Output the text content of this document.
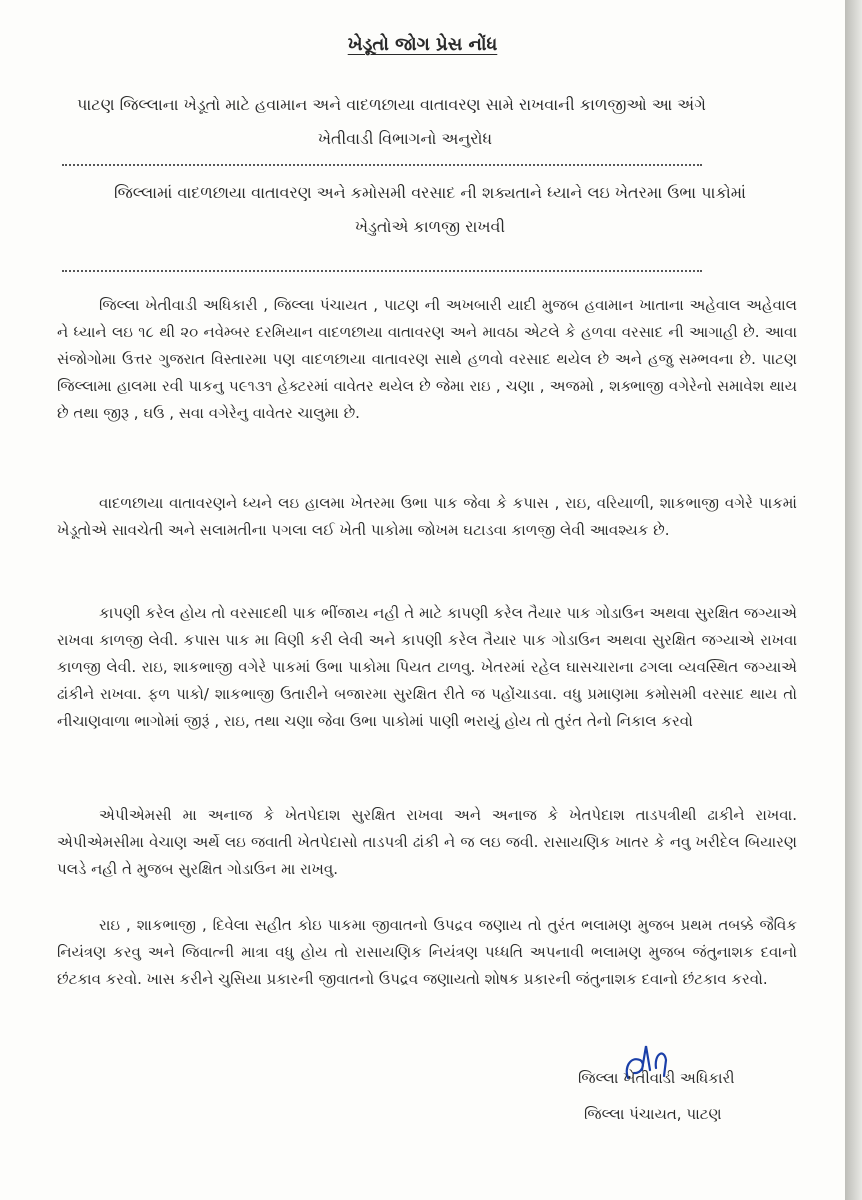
ખેડૂતો જોગ પ્રેસ નોંધ
પાટણ જિલ્લાના ખેડૂતો માટે હવામાન અને વાદળછાયા વાતાવરણ સામે રાખવાની કાળજીઓ આ અંગે
ખેતીવાડી વિભાગનો અનુરોધ
જિલ્લામાં વાદળછાયા વાતાવરણ અને કમોસમી વરસાદ ની શક્યતાને ધ્યાને લઇ ખેતરમા ઉભા પાકોમાં
ખેડુતોએ કાળજી રાખવી
જિલ્લા ખેતીવાડી અધિકારી , જિલ્લા પંચાયત , પાટણ ની અખબારી યાદી મુજબ હવામાન ખાતાના અહેવાલ અહેવાલ ને ધ્યાને લઇ ૧૮ થી ૨૦ નવેમ્બર દરમિયાન વાદળછાયા વાતાવરણ અને માવઠા એટલે કે હળવા વરસાદ ની આગાહી છે. આવા સંજોગોમા ઉત્તર ગુજરાત વિસ્તારમા પણ વાદળછાયા વાતાવરણ સાથે હળવો વરસાદ થયેલ છે અને હજુ સમ્ભવના છે. પાટણ જિલ્લામા હાલમા રવી પાકનુ ૫૯૧૩૧ હેક્ટરમાં વાવેતર થયેલ છે જેમા રાઇ , ચણા , અજમો , શક્ભાજી વગેરેનો સમાવેશ થાય છે તથા જીરૂ , ઘઉ , સવા વગેરેનુ વાવેતર ચાલુમા છે.
વાદળછાયા વાતાવરણને ધ્યને લઇ હાલમા ખેતરમા ઉભા પાક જેવા કે કપાસ , રાઇ, વરિયાળી, શાકભાજી વગેરે પાકમાં ખેડૂતોએ સાવચેતી અને સલામતીના પગલા લઈ ખેતી પાકોમા જોખમ ઘટાડવા કાળજી લેવી આવશ્યક છે.
કાપણી કરેલ હોય તો વરસાદથી પાક ભીંજાય નહી તે માટે કાપણી કરેલ તૈયાર પાક ગોડાઉન અથવા સુરક્ષિત જગ્યાએ રાખવા કાળજી લેવી. કપાસ પાક મા વિણી કરી લેવી અને કાપણી કરેલ તૈયાર પાક ગોડાઉન અથવા સુરક્ષિત જગ્યાએ રાખવા કાળજી લેવી. રાઇ, શાકભાજી વગેરે પાકમાં ઉભા પાકોમા પિયત ટાળવુ. ખેતરમાં રહેલ ઘાસચારાના ઢગલા વ્યવસ્થિત જગ્યાએ ઢાંકીને રાખવા. ફળ પાકો/ શાકભાજી ઉતારીને બજારમા સુરક્ષિત રીતે જ પહોંચાડવા. વધુ પ્રમાણમા કમોસમી વરસાદ થાય તો નીચાણવાળા ભાગોમાં જીરૂં , રાઇ, તથા ચણા જેવા ઉભા પાકોમાં પાણી ભરાયું હોય તો તુરંત તેનો નિકાલ કરવો
એપીએમસી મા અનાજ કે ખેતપેદાશ સુરક્ષિત રાખવા અને અનાજ કે ખેતપેદાશ તાડપત્રીથી ઢાકીને રાખવા. એપીએમસીમા વેચાણ અર્થે લઇ જવાતી ખેતપેદાસો તાડપત્રી ઢાંકી ને જ લઇ જવી. રાસાયણિક ખાતર કે નવુ ખરીદેલ બિયારણ પલડે નહી તે મુજબ સુરક્ષિત ગોડાઉન મા રાખવુ.
રાઇ , શાકભાજી , દિવેલા સહીત કોઇ પાકમા જીવાતનો ઉપદ્રવ જણાય તો તુરંત ભલામણ મુજબ પ્રથમ તબક્કે જૈવિક નિયંત્રણ કરવુ અને જિવાત્ની માત્રા વધુ હોય તો રાસાયણિક નિયંત્રણ પધ્ધતિ અપનાવી ભલામણ મુજબ જંતુનાશક દવાનો છંટકાવ કરવો. ખાસ કરીને ચુસિયા પ્રકારની જીવાતનો ઉપદ્રવ જણાયતો શોષક પ્રકારની જંતુનાશક દવાનો છંટકાવ કરવો.
જિલ્લા ખેતીવાડી અધિકારી
જિલ્લા પંચાયત, પાટણ
